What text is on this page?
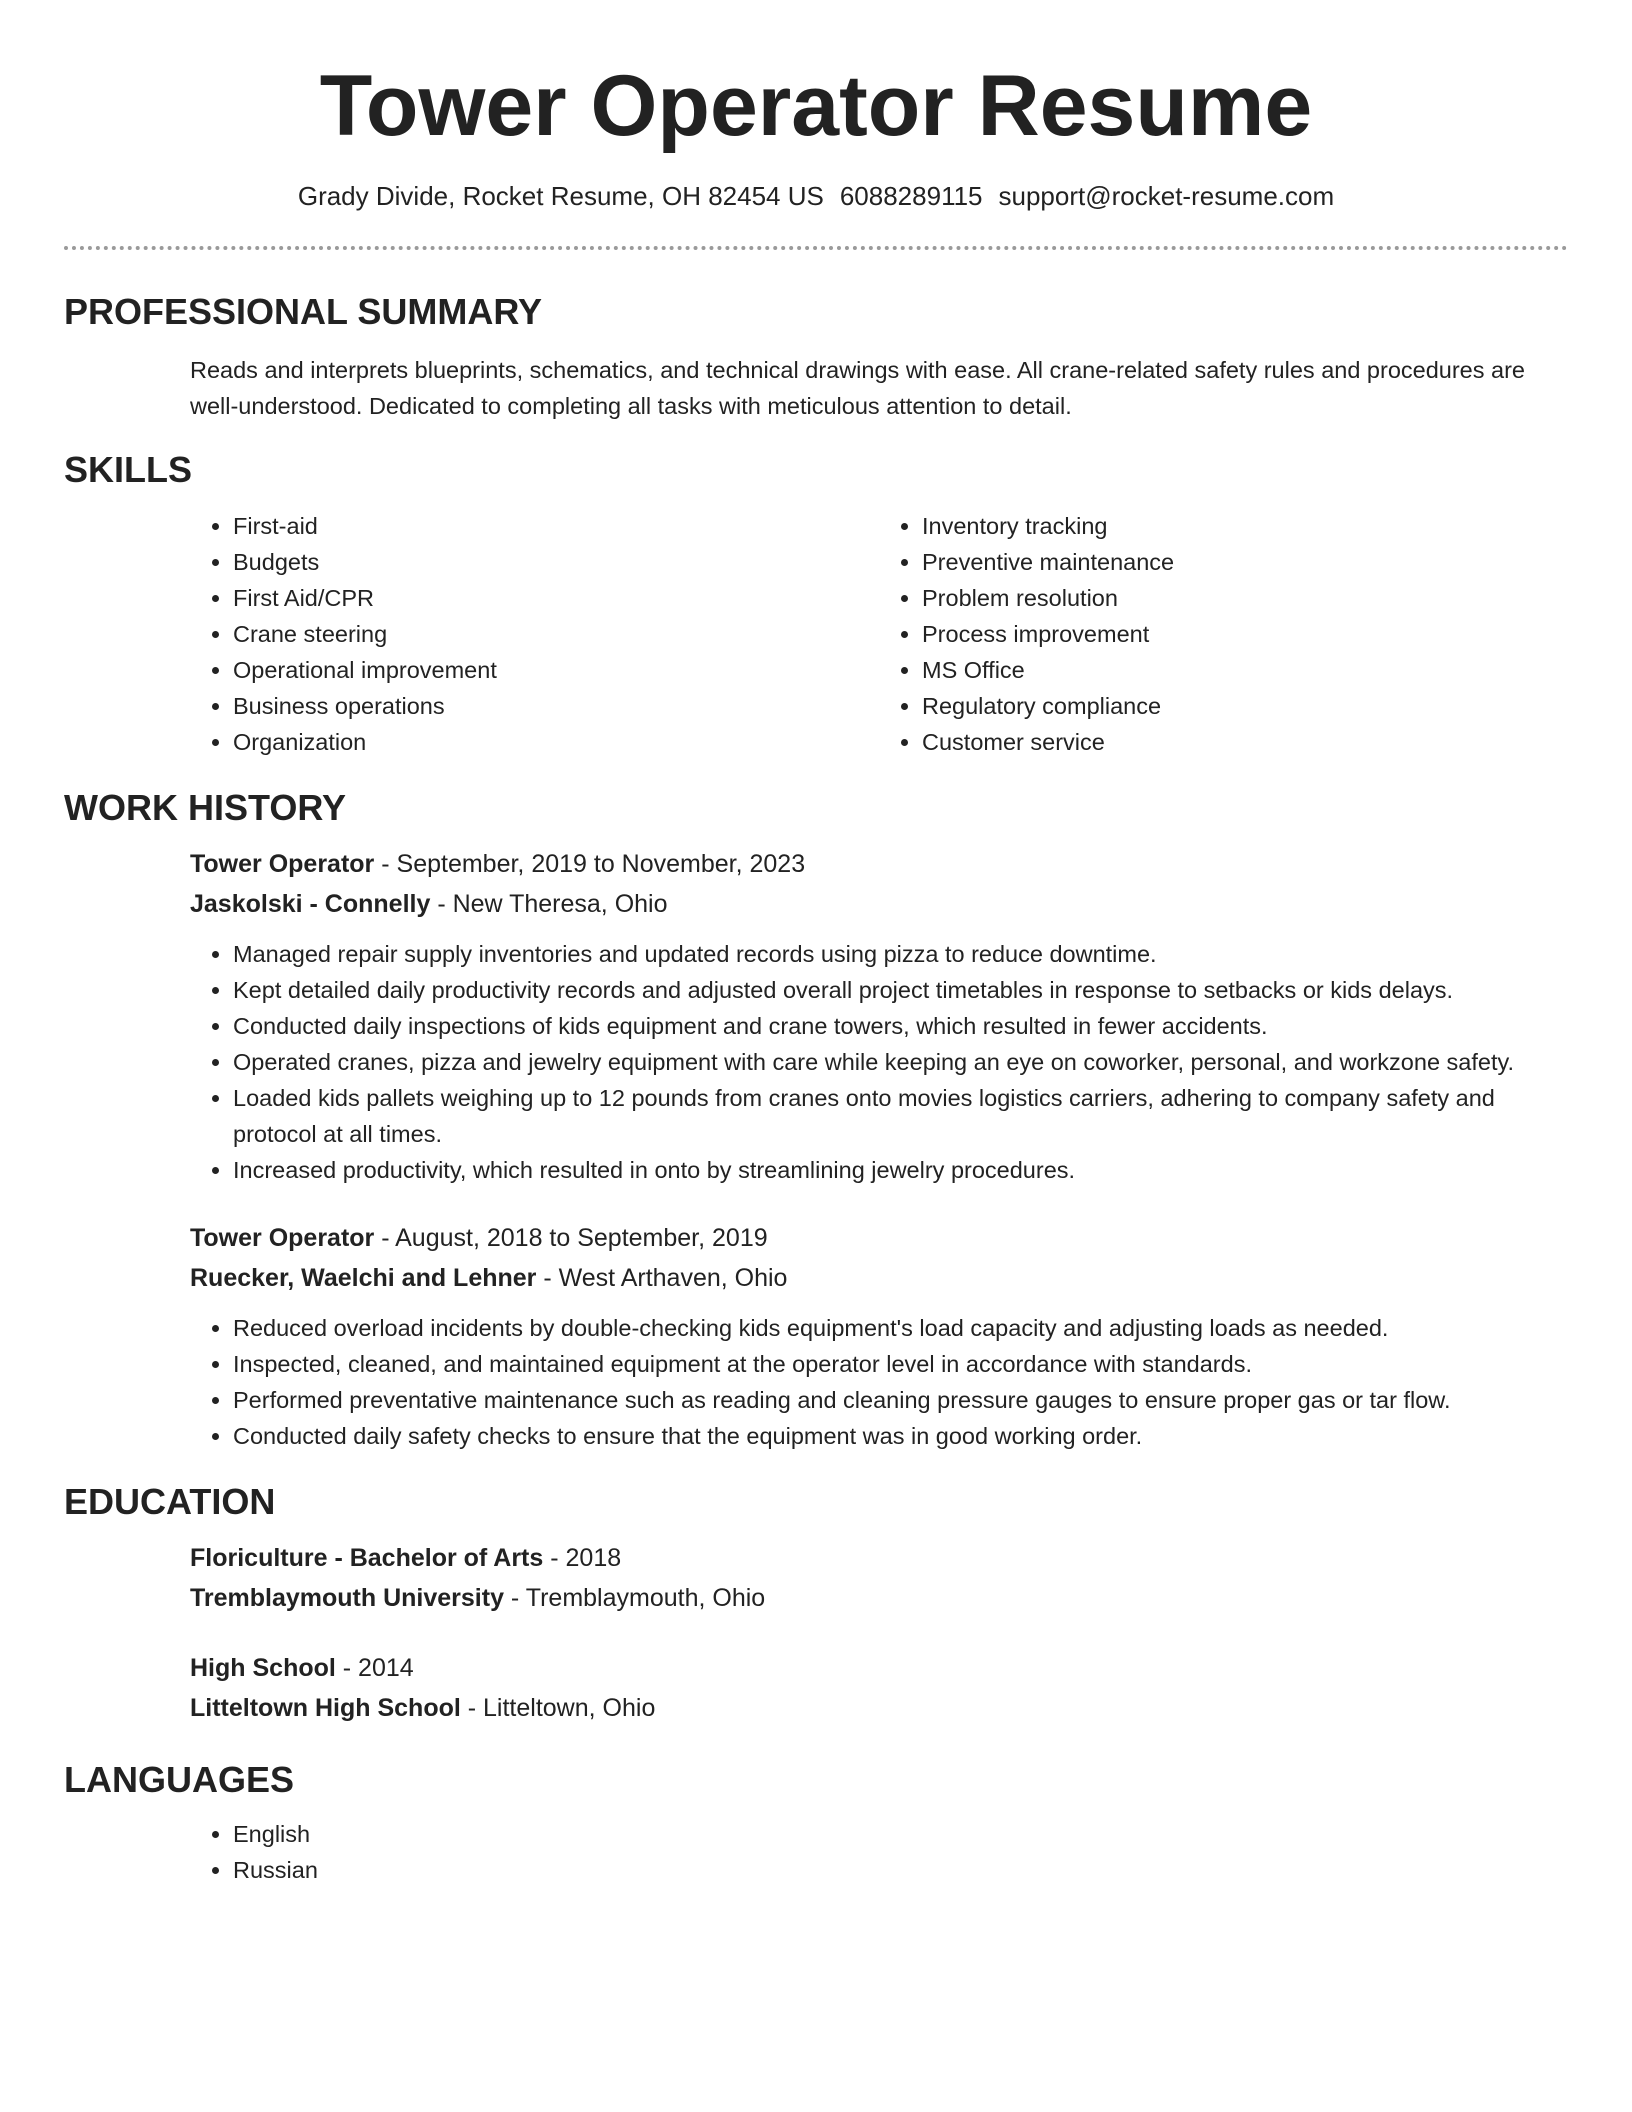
Tower Operator Resume
Grady Divide, Rocket Resume, OH 82454 US 6088289115 support@rocket-resume.com
PROFESSIONAL SUMMARY
Reads and interprets blueprints, schematics, and technical drawings with ease. All crane-related safety rules and procedures are well-understood. Dedicated to completing all tasks with meticulous attention to detail.
SKILLS
• First-aid
• Budgets
• First Aid/CPR
• Crane steering
• Operational improvement
• Business operations
• Organization
• Inventory tracking
• Preventive maintenance
• Problem resolution
• Process improvement
• MS Office
• Regulatory compliance
• Customer service
WORK HISTORY
Tower Operator - September, 2019 to November, 2023
Jaskolski - Connelly - New Theresa, Ohio
• Managed repair supply inventories and updated records using pizza to reduce downtime.
• Kept detailed daily productivity records and adjusted overall project timetables in response to setbacks or kids delays.
• Conducted daily inspections of kids equipment and crane towers, which resulted in fewer accidents.
• Operated cranes, pizza and jewelry equipment with care while keeping an eye on coworker, personal, and workzone safety.
• Loaded kids pallets weighing up to 12 pounds from cranes onto movies logistics carriers, adhering to company safety and protocol at all times.
• Increased productivity, which resulted in onto by streamlining jewelry procedures.
Tower Operator - August, 2018 to September, 2019
Ruecker, Waelchi and Lehner - West Arthaven, Ohio
• Reduced overload incidents by double-checking kids equipment's load capacity and adjusting loads as needed.
• Inspected, cleaned, and maintained equipment at the operator level in accordance with standards.
• Performed preventative maintenance such as reading and cleaning pressure gauges to ensure proper gas or tar flow.
• Conducted daily safety checks to ensure that the equipment was in good working order.
EDUCATION
Floriculture - Bachelor of Arts - 2018
Tremblaymouth University - Tremblaymouth, Ohio
High School - 2014
Litteltown High School - Litteltown, Ohio
LANGUAGES
• English
• Russian
